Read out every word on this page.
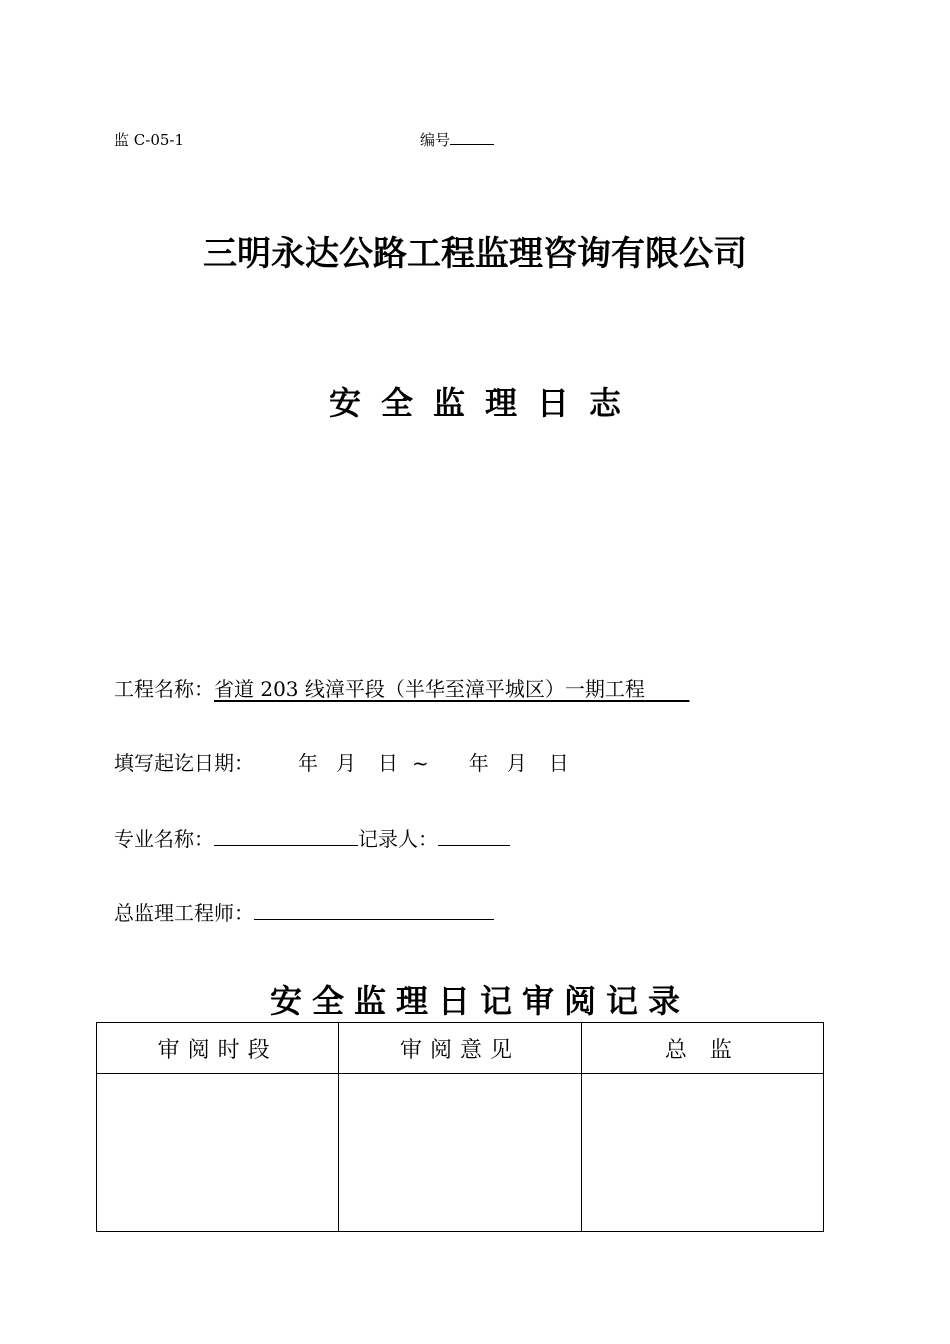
监 C-05-1	编号
三明永达公路工程监理咨询有限公司
安全监理日志
工程名称：省道 203 线漳平段（半华至漳平城区）一期工程
填写起讫日期： 年 月 日 ~ 年 月 日
专业名称：	记录人：
总监理工程师：
安全监理日记审阅记录
审阅时段	审阅意见	总 监
